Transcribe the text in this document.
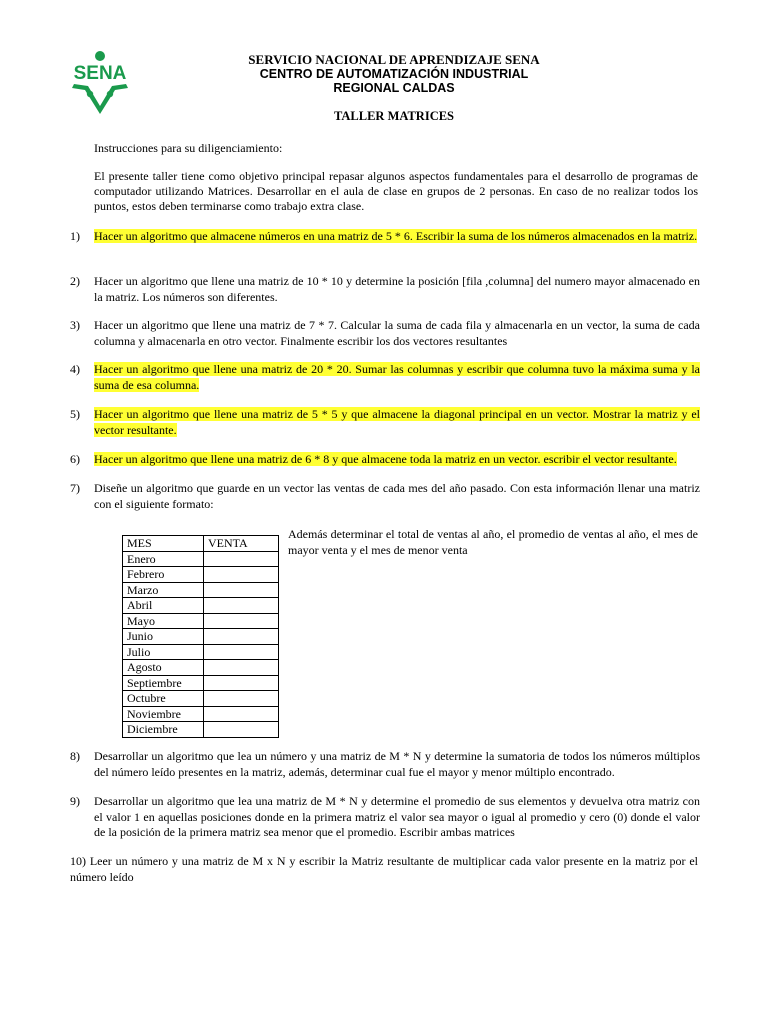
SENA
SERVICIO NACIONAL DE APRENDIZAJE SENA
CENTRO DE AUTOMATIZACIÓN INDUSTRIAL
REGIONAL CALDAS
TALLER MATRICES
Instrucciones para su diligenciamiento:
El presente taller tiene como objetivo principal repasar algunos aspectos fundamentales para el desarrollo de programas de computador utilizando Matrices. Desarrollar en el aula de clase en grupos de 2 personas. En caso de no realizar todos los puntos, estos deben terminarse como trabajo extra clase.
1) Hacer un algoritmo que almacene números en una matriz de 5 * 6. Escribir la suma de los números almacenados en la matriz.
2) Hacer un algoritmo que llene una matriz de 10 * 10 y determine la posición [fila ,columna] del numero mayor almacenado en la matriz. Los números son diferentes.
3) Hacer un algoritmo que llene una matriz de 7 * 7. Calcular la suma de cada fila y almacenarla en un vector, la suma de cada columna y almacenarla en otro vector. Finalmente escribir los dos vectores resultantes
4) Hacer un algoritmo que llene una matriz de 20 * 20. Sumar las columnas y escribir que columna tuvo la máxima suma y la suma de esa columna.
5) Hacer un algoritmo que llene una matriz de 5 * 5 y que almacene la diagonal principal en un vector. Mostrar la matriz y el vector resultante.
6) Hacer un algoritmo que llene una matriz de 6 * 8 y que almacene toda la matriz en un vector. escribir el vector resultante.
7) Diseñe un algoritmo que guarde en un vector las ventas de cada mes del año pasado. Con esta información llenar una matriz con el siguiente formato:
MES	VENTA
Enero	
Febrero	
Marzo	
Abril	
Mayo	
Junio	
Julio	
Agosto	
Septiembre	
Octubre	
Noviembre	
Diciembre	
Además determinar el total de ventas al año, el promedio de ventas al año, el mes de mayor venta y el mes de menor venta
8) Desarrollar un algoritmo que lea un número y una matriz de M * N y determine la sumatoria de todos los números múltiplos del número leído presentes en la matriz, además, determinar cual fue el mayor y menor múltiplo encontrado.
9) Desarrollar un algoritmo que lea una matriz de M * N y determine el promedio de sus elementos y devuelva otra matriz con el valor 1 en aquellas posiciones donde en la primera matriz el valor sea mayor o igual al promedio y cero (0) donde el valor de la posición de la primera matriz sea menor que el promedio. Escribir ambas matrices
10) Leer un número y una matriz de M x N y escribir la Matriz resultante de multiplicar cada valor presente en la matriz por el número leído
